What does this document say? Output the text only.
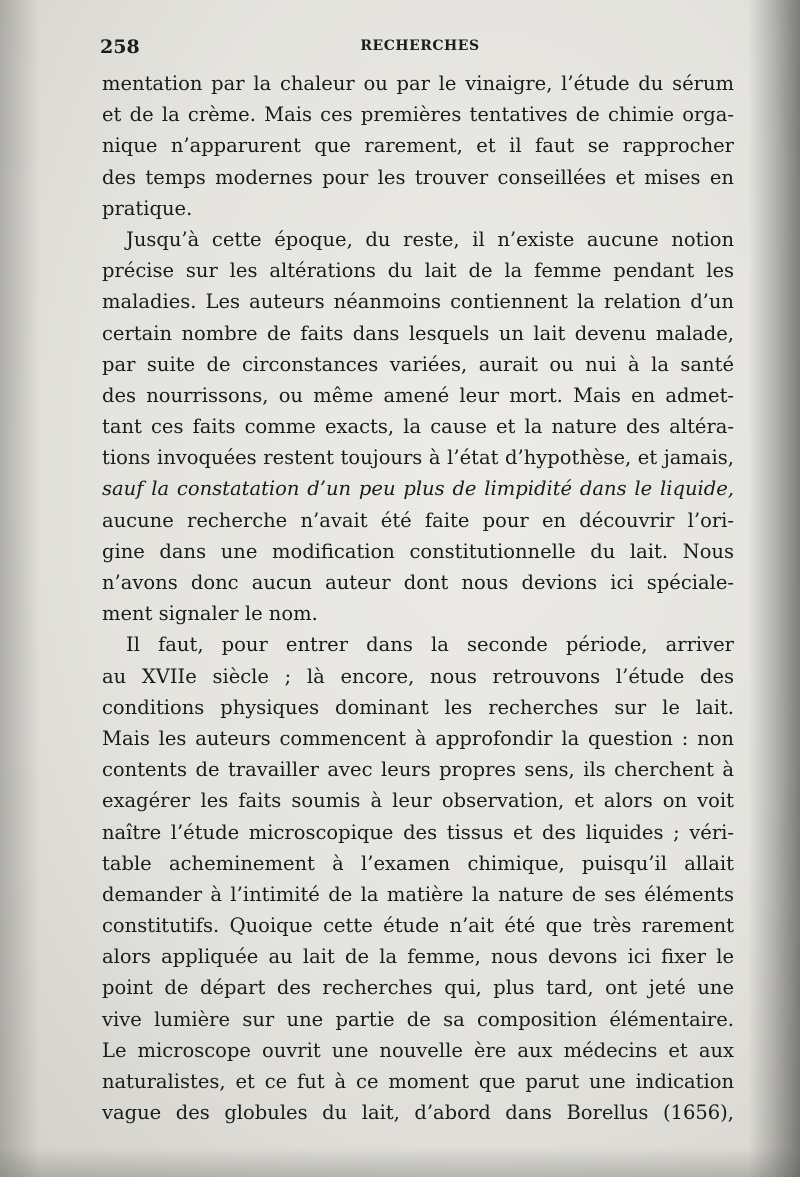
258	RECHERCHES
mentation par la chaleur ou par le vinaigre, l’étude du sérum
et de la crème. Mais ces premières tentatives de chimie orga-
nique n’apparurent que rarement, et il faut se rapprocher
des temps modernes pour les trouver conseillées et mises en
pratique.
Jusqu’à cette époque, du reste, il n’existe aucune notion
précise sur les altérations du lait de la femme pendant les
maladies. Les auteurs néanmoins contiennent la relation d’un
certain nombre de faits dans lesquels un lait devenu malade,
par suite de circonstances variées, aurait ou nui à la santé
des nourrissons, ou même amené leur mort. Mais en admet-
tant ces faits comme exacts, la cause et la nature des altéra-
tions invoquées restent toujours à l’état d’hypothèse, et jamais,
sauf la constatation d’un peu plus de limpidité dans le liquide,
aucune recherche n’avait été faite pour en découvrir l’ori-
gine dans une modification constitutionnelle du lait. Nous
n’avons donc aucun auteur dont nous devions ici spéciale-
ment signaler le nom.
Il faut, pour entrer dans la seconde période, arriver
au XVIIe siècle ; là encore, nous retrouvons l’étude des
conditions physiques dominant les recherches sur le lait.
Mais les auteurs commencent à approfondir la question : non
contents de travailler avec leurs propres sens, ils cherchent à
exagérer les faits soumis à leur observation, et alors on voit
naître l’étude microscopique des tissus et des liquides ; véri-
table acheminement à l’examen chimique, puisqu’il allait
demander à l’intimité de la matière la nature de ses éléments
constitutifs. Quoique cette étude n’ait été que très rarement
alors appliquée au lait de la femme, nous devons ici fixer le
point de départ des recherches qui, plus tard, ont jeté une
vive lumière sur une partie de sa composition élémentaire.
Le microscope ouvrit une nouvelle ère aux médecins et aux
naturalistes, et ce fut à ce moment que parut une indication
vague des globules du lait, d’abord dans Borellus (1656),
